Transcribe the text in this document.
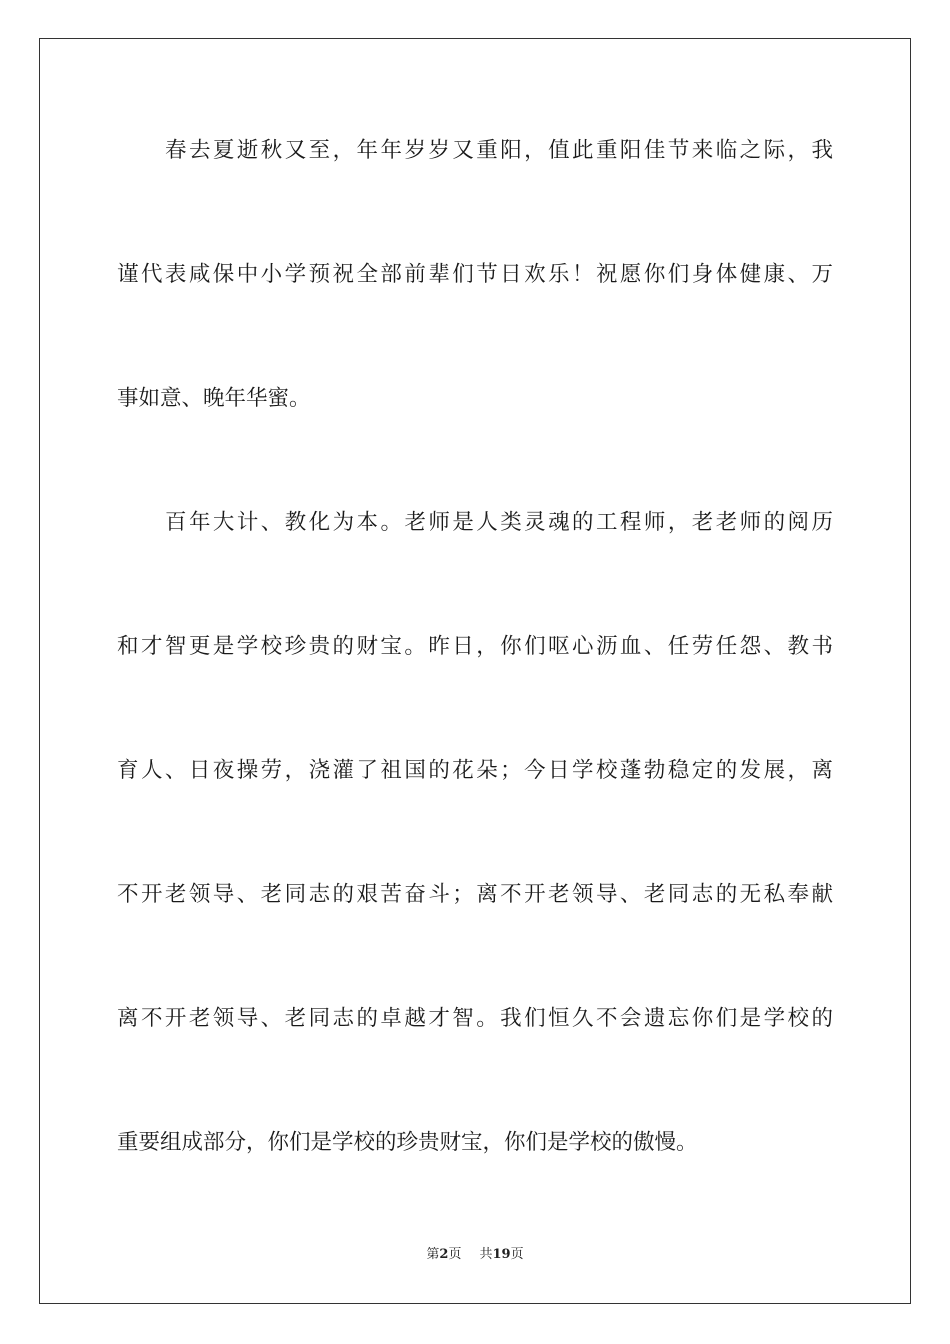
春去夏逝秋又至，年年岁岁又重阳，值此重阳佳节来临之际，我
谨代表咸保中小学预祝全部前辈们节日欢乐！祝愿你们身体健康、万
事如意、晚年华蜜。
百年大计、教化为本。老师是人类灵魂的工程师，老老师的阅历
和才智更是学校珍贵的财宝。昨日，你们呕心沥血、任劳任怨、教书
育人、日夜操劳，浇灌了祖国的花朵；今日学校蓬勃稳定的发展，离
不开老领导、老同志的艰苦奋斗；离不开老领导、老同志的无私奉献
离不开老领导、老同志的卓越才智。我们恒久不会遗忘你们是学校的
重要组成部分，你们是学校的珍贵财宝，你们是学校的傲慢。
第2页 共19页
